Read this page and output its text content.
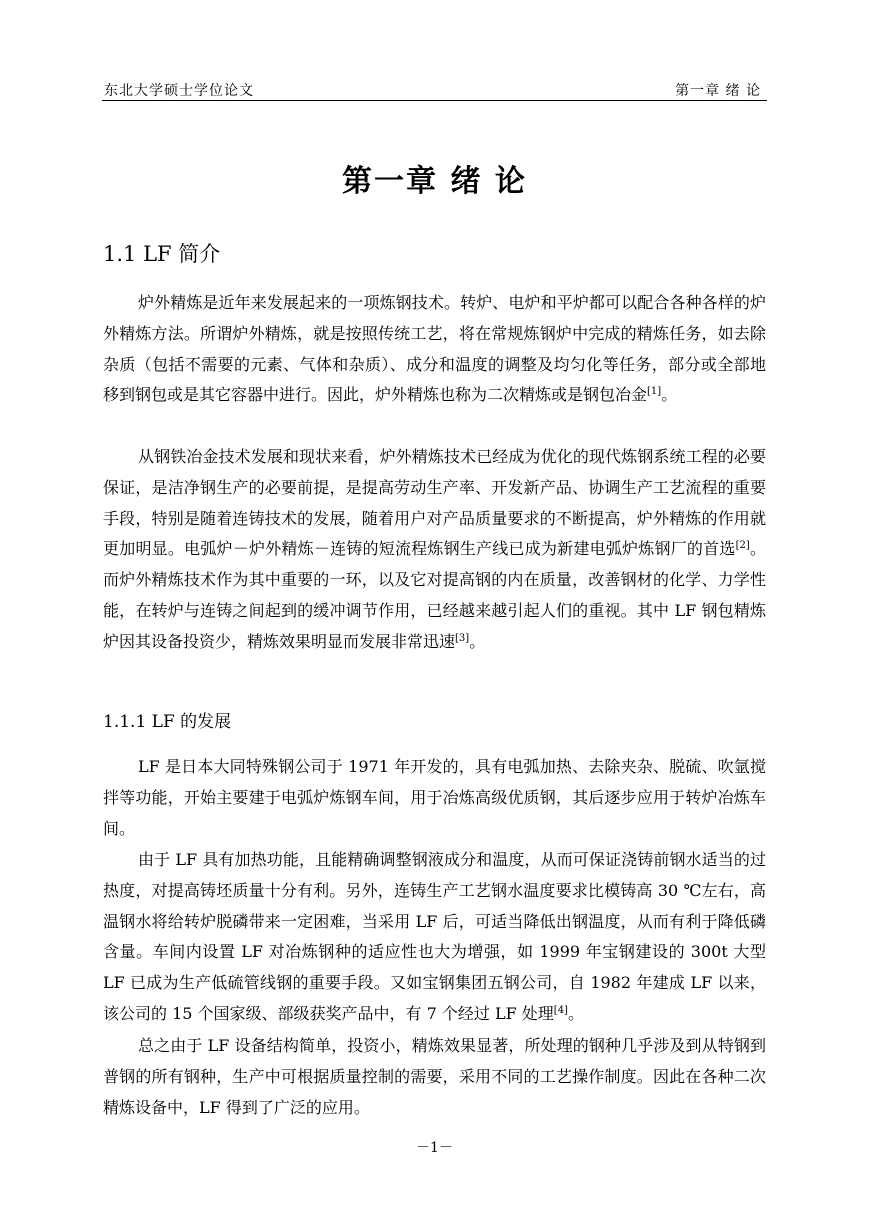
东北大学硕士学位论文	第一章 绪 论
第一章 绪 论
1.1 LF 简介

炉外精炼是近年来发展起来的一项炼钢技术。转炉、电炉和平炉都可以配合各种各样的炉外精炼方法。所谓炉外精炼，就是按照传统工艺，将在常规炼钢炉中完成的精炼任务，如去除杂质（包括不需要的元素、气体和杂质）、成分和温度的调整及均匀化等任务，部分或全部地移到钢包或是其它容器中进行。因此，炉外精炼也称为二次精炼或是钢包冶金[1]。

从钢铁冶金技术发展和现状来看，炉外精炼技术已经成为优化的现代炼钢系统工程的必要保证，是洁净钢生产的必要前提，是提高劳动生产率、开发新产品、协调生产工艺流程的重要手段，特别是随着连铸技术的发展，随着用户对产品质量要求的不断提高，炉外精炼的作用就更加明显。电弧炉－炉外精炼－连铸的短流程炼钢生产线已成为新建电弧炉炼钢厂的首选[2]。而炉外精炼技术作为其中重要的一环，以及它对提高钢的内在质量，改善钢材的化学、力学性能，在转炉与连铸之间起到的缓冲调节作用，已经越来越引起人们的重视。其中 LF 钢包精炼炉因其设备投资少，精炼效果明显而发展非常迅速[3]。

1.1.1 LF 的发展

LF 是日本大同特殊钢公司于 1971 年开发的，具有电弧加热、去除夹杂、脱硫、吹氩搅拌等功能，开始主要建于电弧炉炼钢车间，用于冶炼高级优质钢，其后逐步应用于转炉冶炼车间。

由于 LF 具有加热功能，且能精确调整钢液成分和温度，从而可保证浇铸前钢水适当的过热度，对提高铸坯质量十分有利。另外，连铸生产工艺钢水温度要求比模铸高 30 ℃左右，高温钢水将给转炉脱磷带来一定困难，当采用 LF 后，可适当降低出钢温度，从而有利于降低磷含量。车间内设置 LF 对冶炼钢种的适应性也大为增强，如 1999 年宝钢建设的 300t 大型 LF 已成为生产低硫管线钢的重要手段。又如宝钢集团五钢公司，自 1982 年建成 LF 以来，该公司的 15 个国家级、部级获奖产品中，有 7 个经过 LF 处理[4]。

总之由于 LF 设备结构简单，投资小，精炼效果显著，所处理的钢种几乎涉及到从特钢到普钢的所有钢种，生产中可根据质量控制的需要，采用不同的工艺操作制度。因此在各种二次精炼设备中，LF 得到了广泛的应用。

－1－
